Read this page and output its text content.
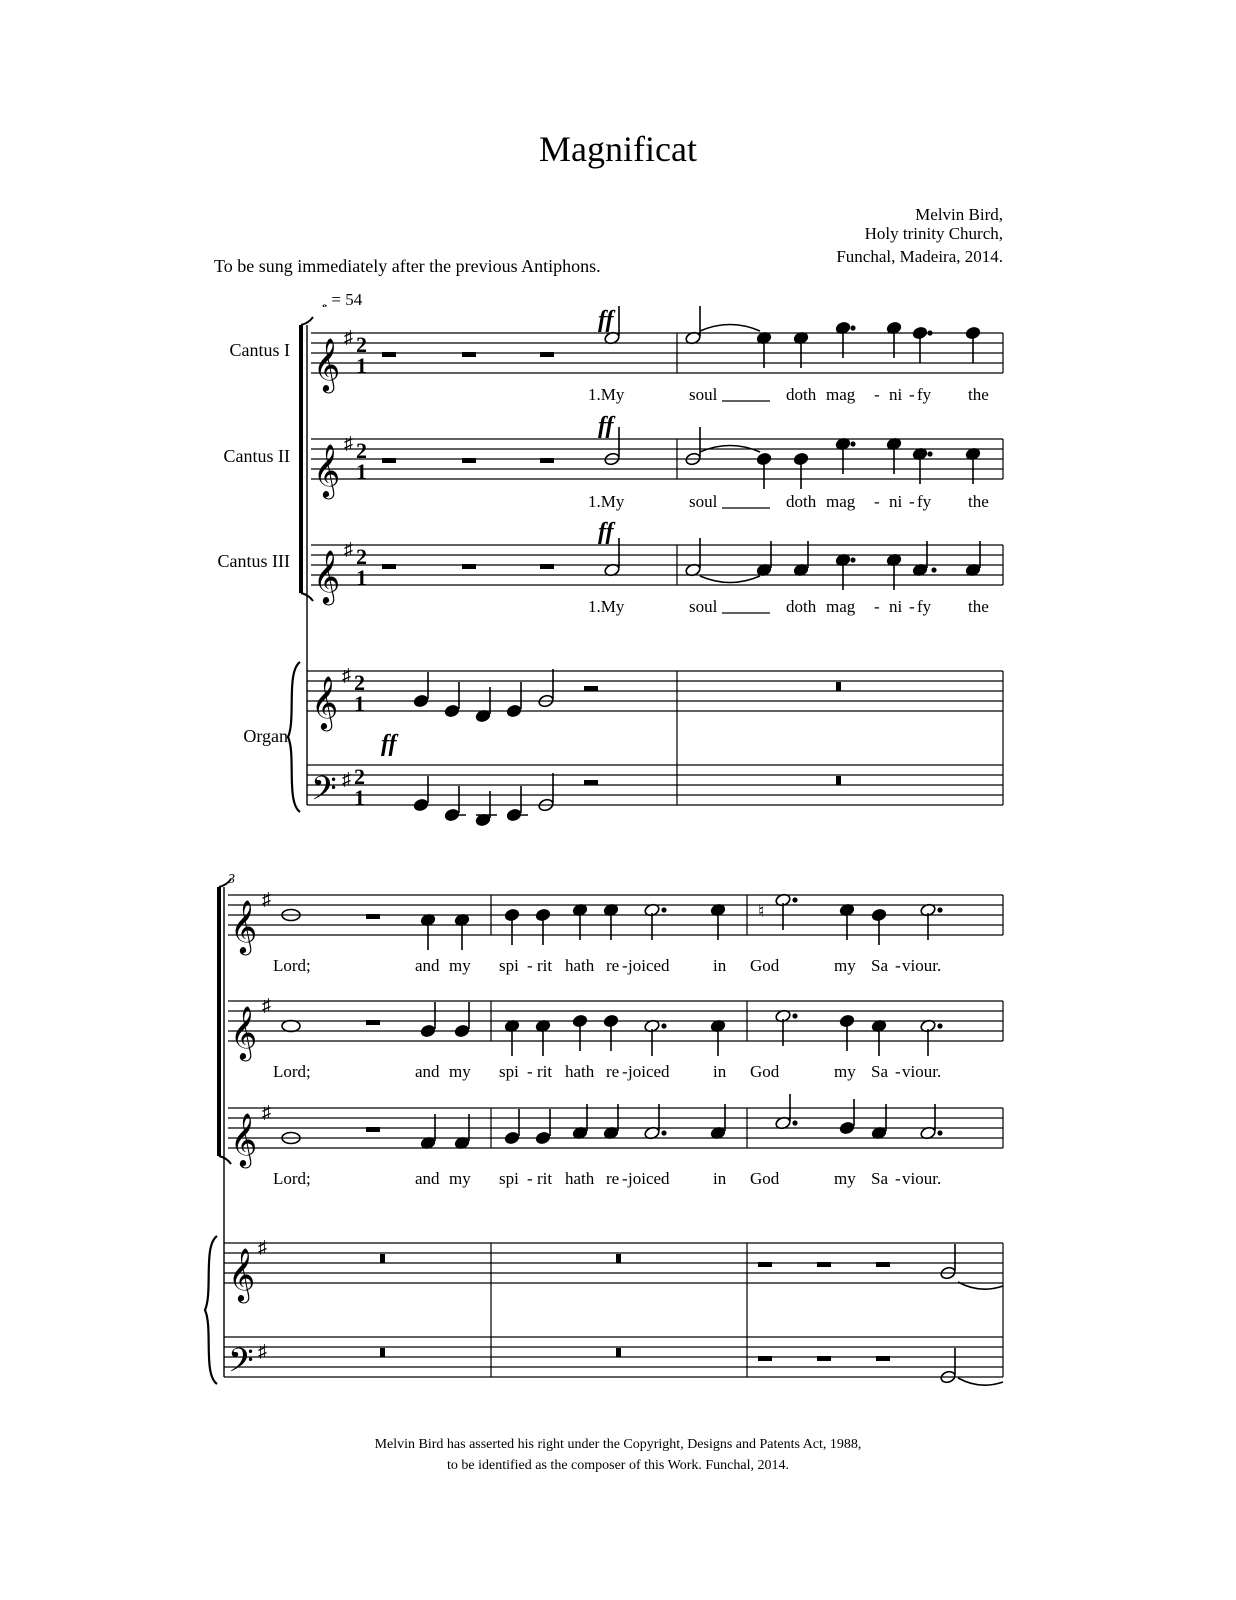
Magnificat
Melvin Bird,
Holy trinity Church,
Funchal, Madeira, 2014.
To be sung immediately after the previous Antiphons.
𝅝 = 54
Cantus I
Cantus II
Cantus III
Organ
1.My	soul	doth mag - ni - fy the
1.My	soul	doth mag - ni - fy the
1.My	soul	doth mag - ni - fy the
Lord;	and my spi - rit hath re - joiced	in God	my Sa - viour.
Lord;	and my spi - rit hath re - joiced	in God	my Sa - viour.
Lord;	and my spi - rit hath re - joiced	in God	my Sa - viour.
𝄞
𝄞
𝄞
𝄞
𝄢
𝄞
𝄞
𝄞
𝄞
𝄢
♯
♯
♯
♯
♯
♯
♯
♯
♯
♯
2
1
2
1
2
1
2
1
2
1
ff
ff
ff
ff
3
♮
Melvin Bird has asserted his right under the Copyright, Designs and Patents Act, 1988,
to be identified as the composer of this Work. Funchal, 2014.
